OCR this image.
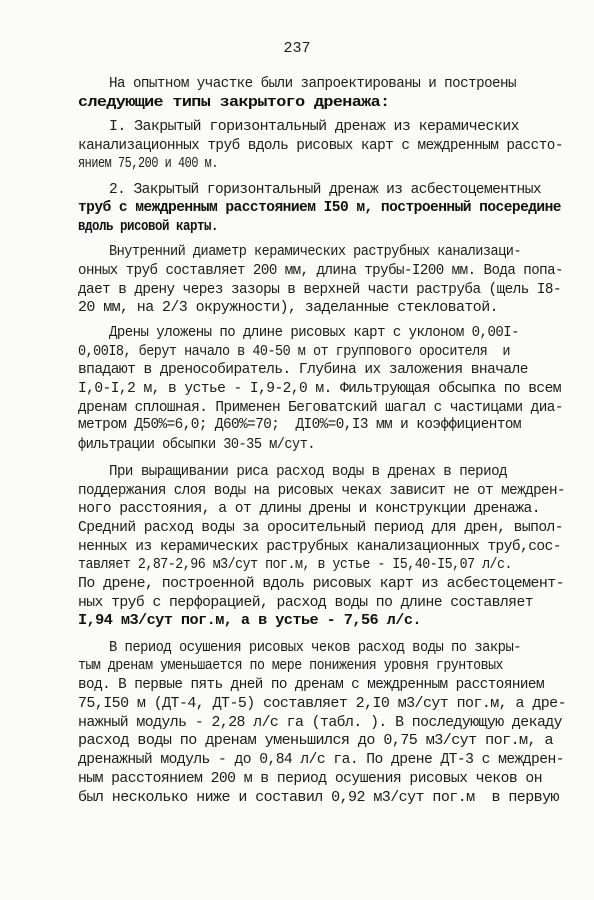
237
На опытном участке были запроектированы и построены
следующие типы закрытого дренажа:
I. Закрытый горизонтальный дренаж из керамических
канализационных труб вдоль рисовых карт с междренным рассто-
янием 75,200 и 400 м.
2. Закрытый горизонтальный дренаж из асбестоцементных
труб с междренным расстоянием I50 м, построенный посередине
вдоль рисовой карты.
Внутренний диаметр керамических раструбных канализаци-
онных труб составляет 200 мм, длина трубы-I200 мм. Вода попа-
дает в дрену через зазоры в верхней части раструба (щель I8-
20 мм, на 2/3 окружности), заделанные стекловатой.
Дрены уложены по длине рисовых карт с уклоном 0,00I-
0,00I8, берут начало в 40-50 м от группового оросителя  и
впадают в дренособиратель. Глубина их заложения вначале
I,0-I,2 м, в устье - I,9-2,0 м. Фильтрующая обсыпка по всем
дренам сплошная. Применен Беговатский шагал с частицами диа-
метром Д50%=6,0; Д60%=70;  ДI0%=0,I3 мм и коэффициентом
фильтрации обсыпки 30-35 м/сут.
При выращивании риса расход воды в дренах в период
поддержания слоя воды на рисовых чеках зависит не от междрен-
ного расстояния, а от длины дрены и конструкции дренажа.
Средний расход воды за оросительный период для дрен, выпол-
ненных из керамических раструбных канализационных труб,сос-
тавляет 2,87-2,96 м3/сут пог.м, в устье - I5,40-I5,07 л/с.
По дрене, построенной вдоль рисовых карт из асбестоцемент-
ных труб с перфорацией, расход воды по длине составляет
I,94 м3/сут пог.м, а в устье - 7,56 л/с.
В период осушения рисовых чеков расход воды по закры-
тым дренам уменьшается по мере понижения уровня грунтовых
вод. В первые пять дней по дренам с междренным расстоянием
75,I50 м (ДТ-4, ДТ-5) составляет 2,I0 м3/сут пог.м, а дре-
нажный модуль - 2,28 л/с га (табл. ). В последующую декаду
расход воды по дренам уменьшился до 0,75 м3/сут пог.м, а
дренажный модуль - до 0,84 л/с га. По дрене ДТ-3 с междрен-
ным расстоянием 200 м в период осушения рисовых чеков он
был несколько ниже и составил 0,92 м3/сут пог.м  в первую
